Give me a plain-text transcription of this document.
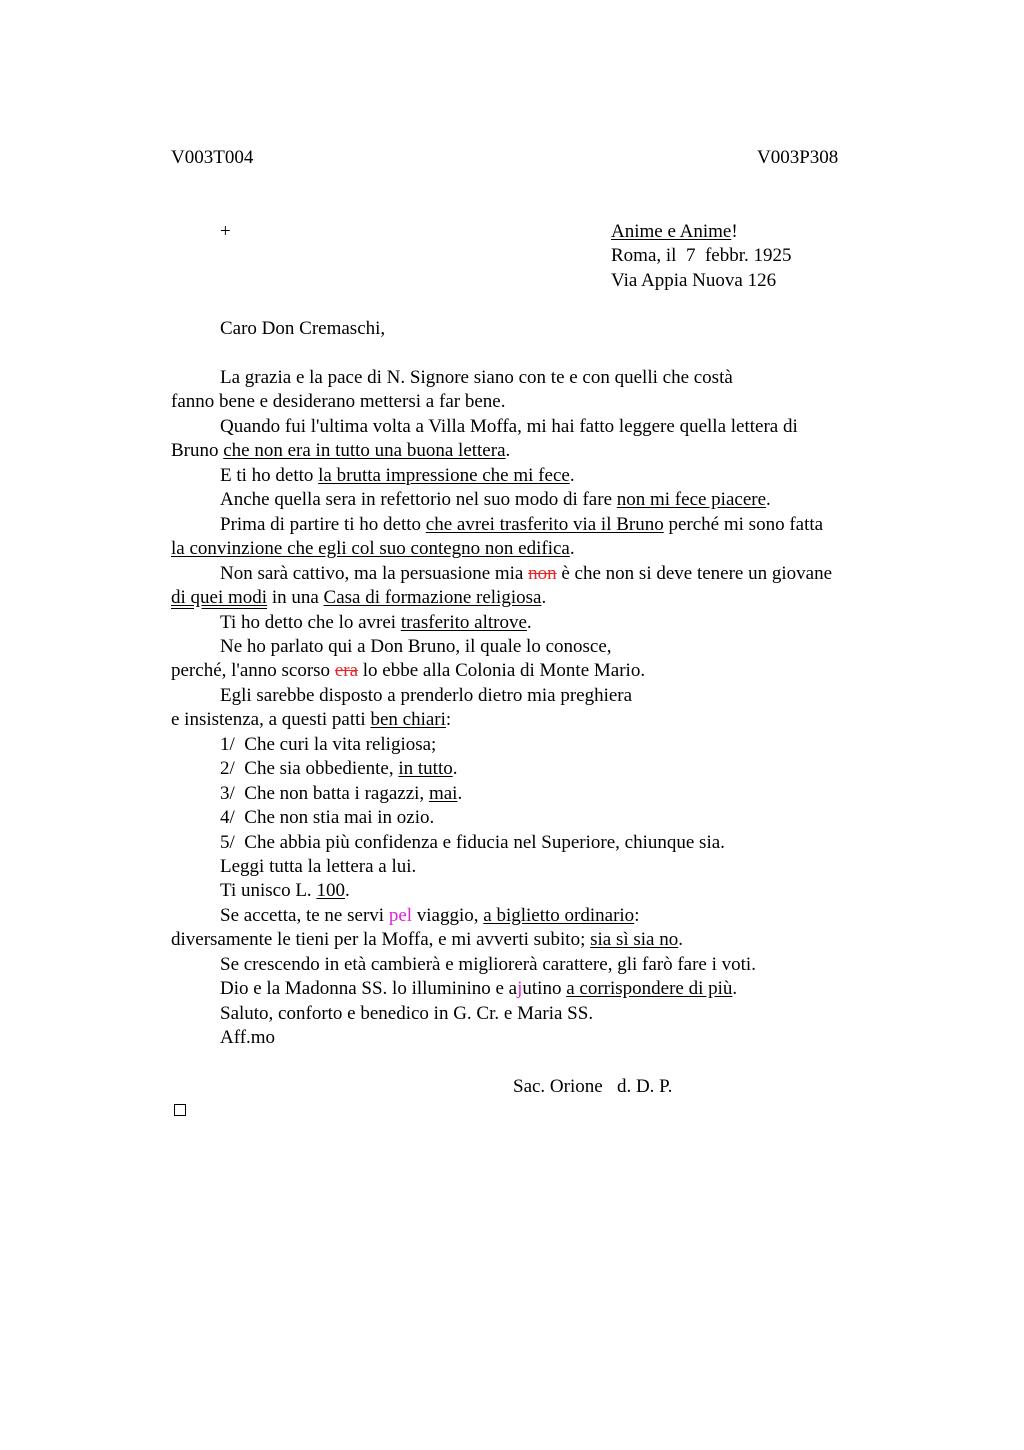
V003T004	V003P308
+	Anime e Anime!
Roma, il  7  febbr. 1925
Via Appia Nuova 126
Caro Don Cremaschi,
La grazia e la pace di N. Signore siano con te e con quelli che costà
fanno bene e desiderano mettersi a far bene.
Quando fui l'ultima volta a Villa Moffa, mi hai fatto leggere quella lettera di
Bruno che non era in tutto una buona lettera.
E ti ho detto la brutta impressione che mi fece.
Anche quella sera in refettorio nel suo modo di fare non mi fece piacere.
Prima di partire ti ho detto che avrei trasferito via il Bruno perché mi sono fatta
la convinzione che egli col suo contegno non edifica.
Non sarà cattivo, ma la persuasione mia non è che non si deve tenere un giovane
di quei modi in una Casa di formazione religiosa.
Ti ho detto che lo avrei trasferito altrove.
Ne ho parlato qui a Don Bruno, il quale lo conosce,
perché, l'anno scorso era lo ebbe alla Colonia di Monte Mario.
Egli sarebbe disposto a prenderlo dietro mia preghiera
e insistenza, a questi patti ben chiari:
1/  Che curi la vita religiosa;
2/  Che sia obbediente, in tutto.
3/  Che non batta i ragazzi, mai.
4/  Che non stia mai in ozio.
5/  Che abbia più confidenza e fiducia nel Superiore, chiunque sia.
Leggi tutta la lettera a lui.
Ti unisco L. 100.
Se accetta, te ne servi pel viaggio, a biglietto ordinario:
diversamente le tieni per la Moffa, e mi avverti subito; sia sì sia no.
Se crescendo in età cambierà e migliorerà carattere, gli farò fare i voti.
Dio e la Madonna SS. lo illuminino e ajutino a corrispondere di più.
Saluto, conforto e benedico in G. Cr. e Maria SS.
Aff.mo
Sac. Orione   d. D. P.
